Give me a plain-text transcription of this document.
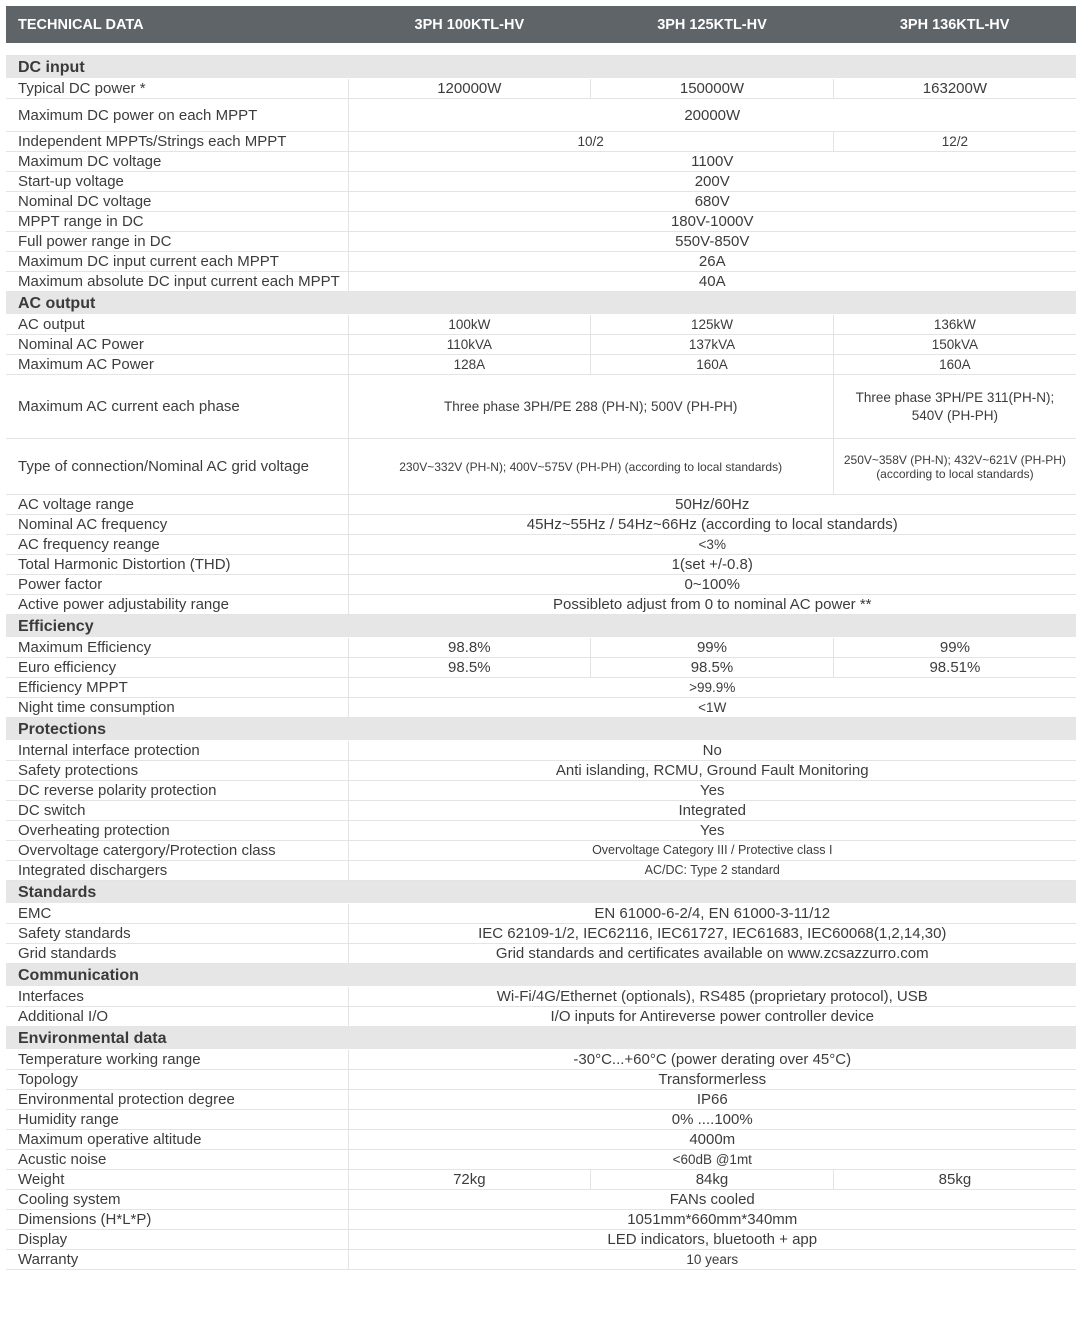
TECHNICAL DATA	3PH 100KTL-HV	3PH 125KTL-HV	3PH 136KTL-HV

DC input			
Typical DC power *	120000W	150000W	163200W
Maximum DC power on each MPPT	20000W		
Independent MPPTs/Strings each MPPT	10/2		12/2
Maximum DC voltage	1100V		
Start-up voltage	200V		
Nominal DC voltage	680V		
MPPT range in DC	180V-1000V		
Full power range in DC	550V-850V		
Maximum DC input current each MPPT	26A		
Maximum absolute DC input current each MPPT	40A		
AC output			
AC output	100kW	125kW	136kW
Nominal AC Power	110kVA	137kVA	150kVA
Maximum AC Power	128A	160A	160A
Maximum AC current each phase	Three phase 3PH/PE 288 (PH-N); 500V (PH-PH)		Three phase 3PH/PE 311(PH-N); 540V (PH-PH)
Type of connection/Nominal AC grid voltage	230V~332V (PH-N); 400V~575V (PH-PH) (according to local standards)		250V~358V (PH-N); 432V~621V (PH-PH) (according to local standards)
AC voltage range	50Hz/60Hz		
Nominal AC frequency	45Hz~55Hz / 54Hz~66Hz (according to local standards)		
AC frequency reange	<3%		
Total Harmonic Distortion (THD)	1(set +/-0.8)		
Power factor	0~100%		
Active power adjustability range	Possibleto adjust from 0 to nominal AC power **		
Efficiency			
Maximum Efficiency	98.8%	99%	99%
Euro efficiency	98.5%	98.5%	98.51%
Efficiency MPPT	>99.9%		
Night time consumption	<1W		
Protections			
Internal interface protection	No		
Safety protections	Anti islanding, RCMU, Ground Fault Monitoring		
DC reverse polarity protection	Yes		
DC switch	Integrated		
Overheating protection	Yes		
Overvoltage catergory/Protection class	Overvoltage Category III / Protective class I		
Integrated dischargers	AC/DC: Type 2 standard		
Standards			
EMC	EN 61000-6-2/4, EN 61000-3-11/12		
Safety standards	IEC 62109-1/2, IEC62116, IEC61727, IEC61683, IEC60068(1,2,14,30)		
Grid standards	Grid standards and certificates available on www.zcsazzurro.com		
Communication			
Interfaces	Wi-Fi/4G/Ethernet (optionals), RS485 (proprietary protocol), USB		
Additional I/O	I/O inputs for Antireverse power controller device		
Environmental data			
Temperature working range	-30°C...+60°C (power derating over 45°C)		
Topology	Transformerless		
Environmental protection degree	IP66		
Humidity range	0% ....100%		
Maximum operative altitude	4000m		
Acustic noise	<60dB @1mt		
Weight	72kg	84kg	85kg
Cooling system	FANs cooled		
Dimensions (H*L*P)	1051mm*660mm*340mm		
Display	LED indicators, bluetooth + app		
Warranty	10 years		
